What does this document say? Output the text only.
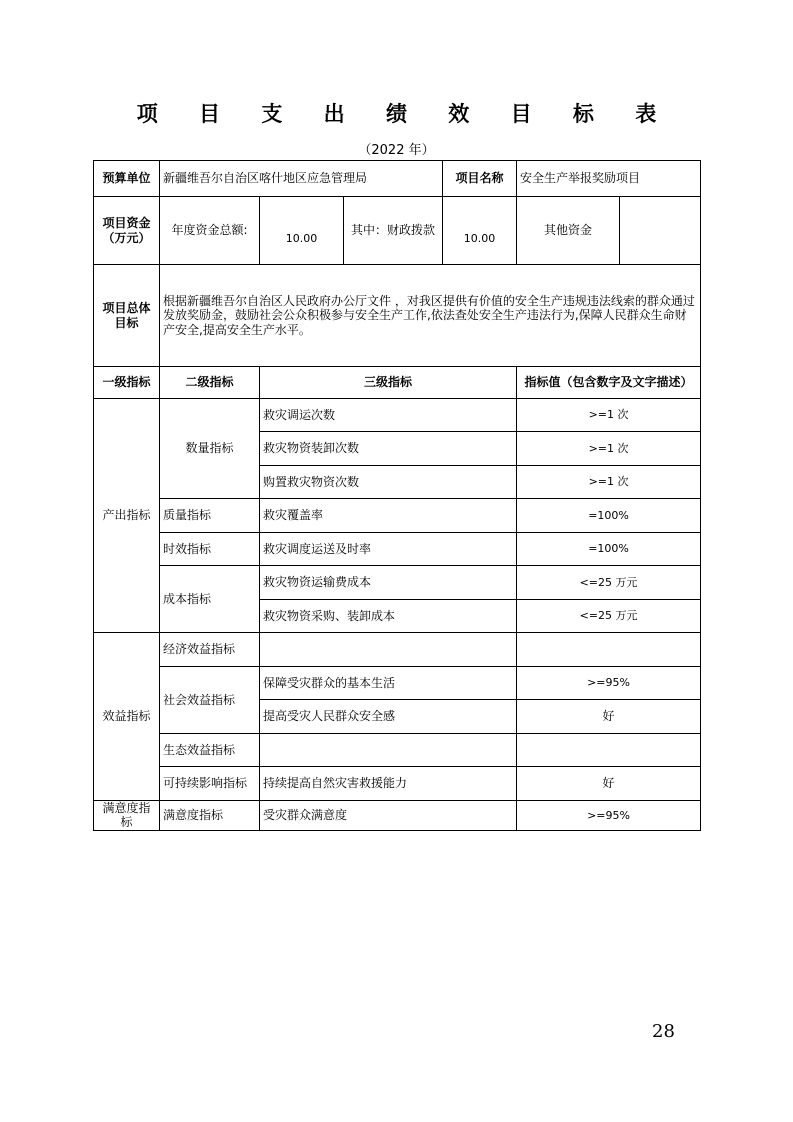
项 目 支 出 绩 效 目 标 表
（2022 年）
预算单位	新疆维吾尔自治区喀什地区应急管理局			项目名称	安全生产举报奖励项目	
项目资金（万元）	年度资金总额:	10.00	其中：财政拨款	10.00	其他资金	
项目总体目标	根据新疆维吾尔自治区人民政府办公厅文件 ，对我区提供有价值的安全生产违规违法线索的群众通过发放奖励金，鼓励社会公众积极参与安全生产工作,依法查处安全生产违法行为,保障人民群众生命财产安全,提高安全生产水平。					
一级指标	二级指标	三级指标			指标值（包含数字及文字描述）	
产出指标	数量指标	救灾调运次数			>=1 次	
		救灾物资装卸次数			>=1 次	
		购置救灾物资次数			>=1 次	
	质量指标	救灾覆盖率			=100%	
	时效指标	救灾调度运送及时率			=100%	
	成本指标	救灾物资运输费成本			<=25 万元	
		救灾物资采购、装卸成本			<=25 万元	
效益指标	经济效益指标					
	社会效益指标	保障受灾群众的基本生活			>=95%	
		提高受灾人民群众安全感			好	
	生态效益指标					
	可持续影响指标	持续提高自然灾害救援能力			好	
满意度指标	满意度指标	受灾群众满意度			>=95%	
28
